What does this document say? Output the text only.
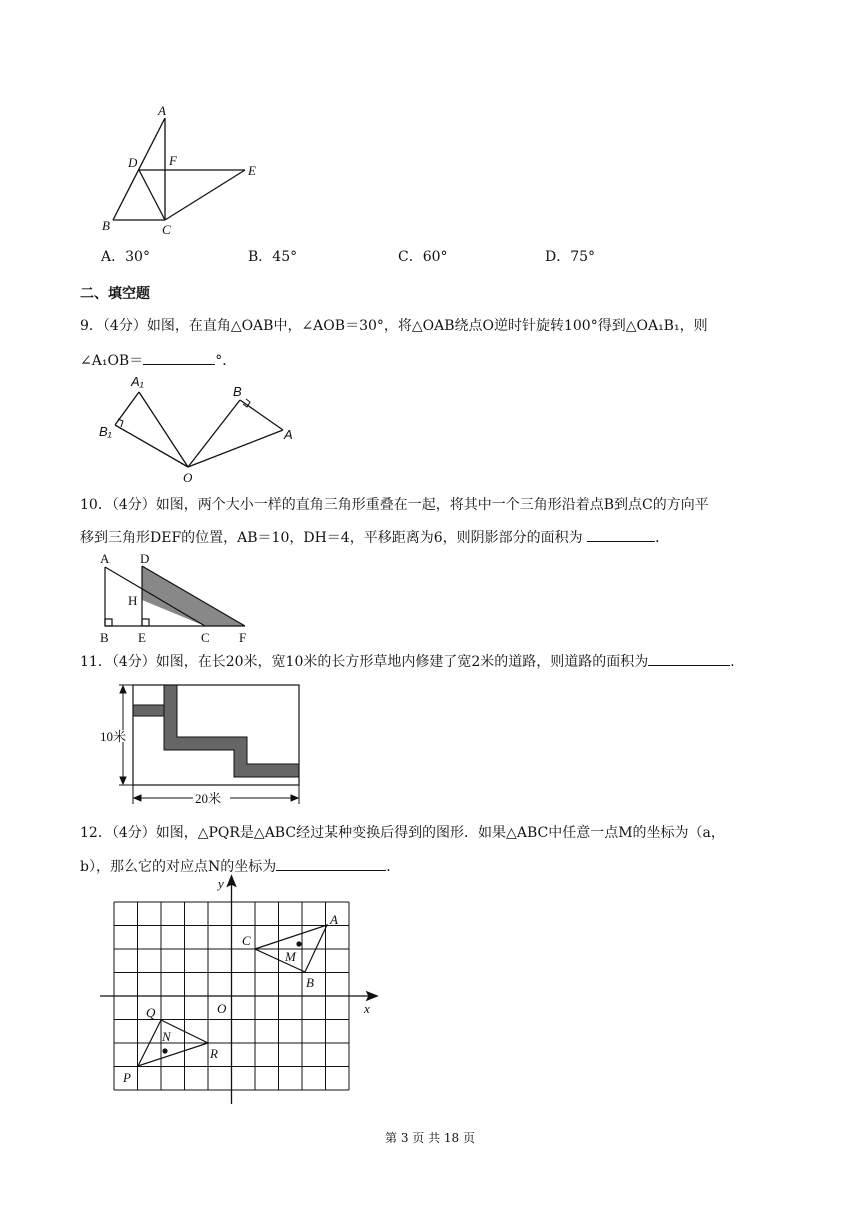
A
D F
E
B	C
A．30°	B．45°	C．60°	D．75°
二、填空题
9．（4分）如图，在直角△OAB中，∠AOB＝30°，将△OAB绕点O逆时针旋转100°得到△OA₁B₁，则
∠A₁OB＝	°．
A₁
B₁
B
A
O
10．（4分）如图，两个大小一样的直角三角形重叠在一起，将其中一个三角形沿着点B到点C的方向平
移到三角形DEF的位置，AB＝10，DH＝4，平移距离为6，则阴影部分的面积为	．
A D
H
B E	C F
11．（4分）如图，在长20米，宽10米的长方形草地内修建了宽2米的道路，则道路的面积为	．
10米
20米
12．（4分）如图，△PQR是△ABC经过某种变换后得到的图形．如果△ABC中任意一点M的坐标为（a，
b），那么它的对应点N的坐标为	．
y
x
O
A
C
M
B
Q
N
R
P
第 3 页 共 18 页
